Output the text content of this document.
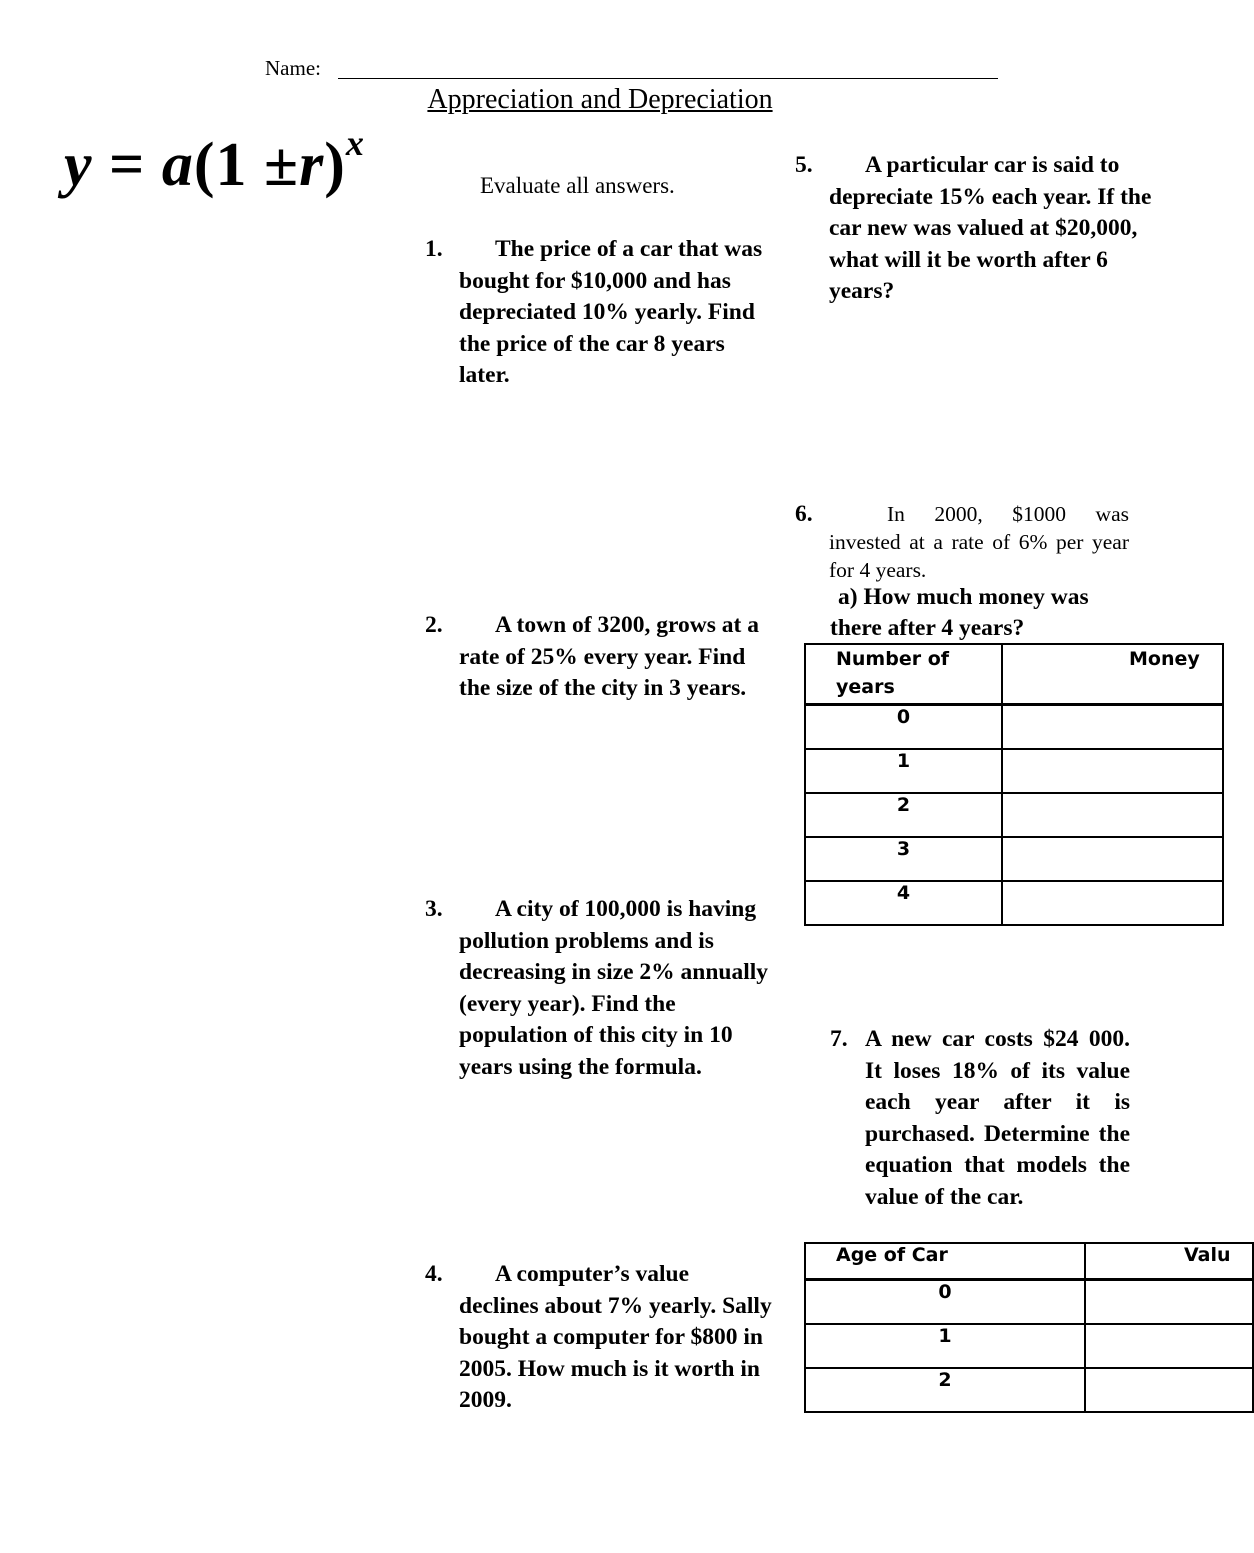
Name:
Appreciation and Depreciation
$y = a(1 \pm r)^x$
Evaluate all answers.
1.	The price of a car that was bought for $10,000 and has depreciated 10% yearly. Find the price of the car 8 years later.
2.	A town of 3200, grows at a rate of 25% every year. Find the size of the city in 3 years.
3.	A city of 100,000 is having pollution problems and is decreasing in size 2% annually (every year). Find the population of this city in 10 years using the formula.
4.	A computer’s value declines about 7% yearly. Sally bought a computer for $800 in 2005. How much is it worth in 2009.
5.	A particular car is said to depreciate 15% each year. If the car new was valued at $20,000, what will it be worth after 6 years?
6.	In 2000, $1000 was invested at a rate of 6% per year for 4 years.
a) How much money was there after 4 years?
Number of years	Money
0	
1	
2	
3	
4	
7. A new car costs $24 000. It loses 18% of its value each year after it is purchased. Determine the
equation that models the value of the car.
Age of Car	Valu
0	
1	
2	
